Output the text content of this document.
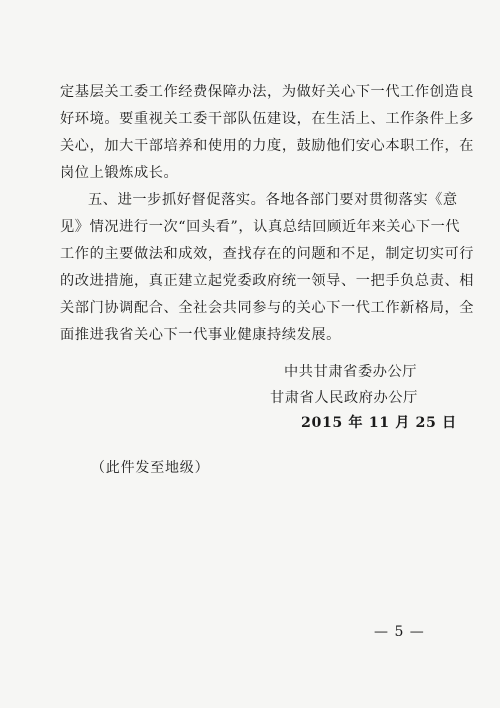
定基层关工委工作经费保障办法，为做好关心下一代工作创造良
好环境。要重视关工委干部队伍建设，在生活上、工作条件上多
关心，加大干部培养和使用的力度，鼓励他们安心本职工作，在
岗位上锻炼成长。
五、进一步抓好督促落实。各地各部门要对贯彻落实《意
见》情况进行一次“回头看”，认真总结回顾近年来关心下一代
工作的主要做法和成效，查找存在的问题和不足，制定切实可行
的改进措施，真正建立起党委政府统一领导、一把手负总责、相
关部门协调配合、全社会共同参与的关心下一代工作新格局，全
面推进我省关心下一代事业健康持续发展。
中共甘肃省委办公厅
甘肃省人民政府办公厅
2015 年 11 月 25 日
（此件发至地级）
— 5 —
